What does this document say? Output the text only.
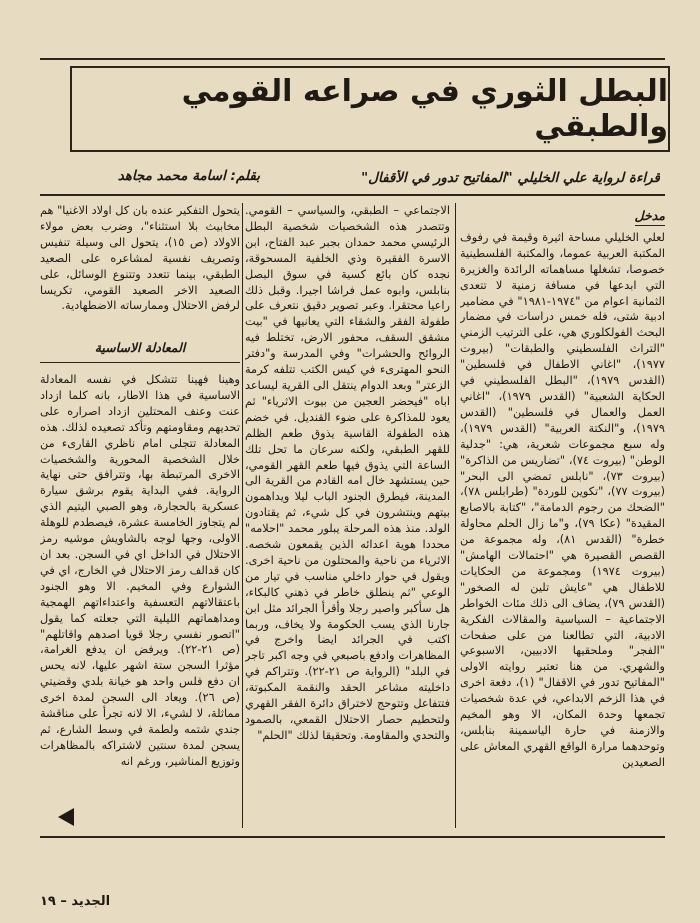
البطل الثوري في صراعه القومي والطبقي
قراءة لرواية علي الخليلي "المفاتيح تدور في الأقفال"
بقلم: اسامة محمد مجاهد
مدخل

لعلي الخليلي مساحة اثيرة وقيمة في رفوف المكتبة العربية عموما، والمكتبة الفلسطينية خصوصا، تشغلها مساهماته الرائدة والغزيرة التي ابدعها في مسافة زمنية لا تتعدى الثمانية اعوام من "١٩٧٤-١٩٨١" في مضامير ادبية شتى، فله خمس دراسات في مضمار البحث الفولكلوري هي، على الترتيب الزمني "التراث الفلسطيني والطبقات" (بيروت ١٩٧٧)، "اغاني الاطفال في فلسطين" (القدس ١٩٧٩)، "البطل الفلسطيني في الحكاية الشعبية" (القدس ١٩٧٩)، "اغاني العمل والعمال في فلسطين" (القدس ١٩٧٩)، و"النكتة العربية" (القدس ١٩٧٩)، وله سبع مجموعات شعرية، هي: "جدلية الوطن" (بيروت ٧٤)، "تضاريس من الذاكرة" (بيروت ٧٣)، "نابلس تمضي الى البحر" (بيروت ٧٧)، "تكوين للوردة" (طرابلس ٧٨)، "الضحك من رجوم الدمامة"، "كتابة بالاصابع المقيدة" (عكا ٧٩)، و"ما زال الحلم محاولة خطرة" (القدس ٨١)، وله مجموعة من القصص القصيرة هي "احتمالات الهامش" (بيروت ١٩٧٤) ومجموعة من الحكايات للاطفال هي "عايش تلين له الصخور" (القدس ٧٩)، يضاف الى ذلك مئات الخواطر الاجتماعية – السياسية والمقالات الفكرية الادبية، التي تطالعنا من على صفحات "الفجر" وملحقيها الادبيين، الاسبوعي والشهري. من هنا تعتبر روايته الاولى "المفاتيح تدور في الاقفال" (١)، دفعة اخرى في هذا الزخم الابداعي، في عدة شخصيات تجمعها وحدة المكان، الا وهو المخيم والازمنة في حارة الياسمينة بنابلس، وتوحدهما مرارة الواقع القهري المعاش على الصعيدين

الاجتماعي – الطبقي، والسياسي – القومي. وتتصدر هذه الشخصيات شخصية البطل الرئيسي محمد حمدان بجبر عبد الفتاح، ابن الاسرة الفقيرة وذي الخلفية المسحوقة، نجده كان بائع كسية في سوق البصل بنابلس، وابوه عمل فراشا اجيرا. وقبل ذلك راعيا محتقرا. وعبر تصوير دقيق نتعرف على طفولة الفقر والشقاء التي يعانيها في "بيت مشقق السقف، محفور الارض، تختلط فيه الروائح والحشرات" وفي المدرسة و"دفتر النحو المهترىء في كيس الكتب تتلفه كرمة الزعتر" وبعد الدوام ينتقل الى القرية ليساعد اباه "فيحضر العجين من بيوت الاثرياء" ثم يعود للمذاكرة على ضوء القنديل. في خضم هذه الطفولة القاسية يذوق طعم الظلم للقهر الطبقي، ولكنه سرعان ما تحل تلك الساعة التي يذوق فيها طعم القهر القومي، حين يستشهد خال امه القادم من القرية الى المدينة، فيطرق الجنود الباب ليلا ويداهمون بيتهم وينتشرون في كل شيء، ثم يقتادون الولد. منذ هذه المرحلة يبلور محمد "احلامه" محددا هوية اعدائه الذين يقمعون شخصه. الاثرياء من ناحية والمحتلون من ناحية اخرى. ويقول في حوار داخلي مناسب في تيار من الوعي "ثم ينطلق خاطر في ذهني كالبكاء، هل سأكبر واصير رجلا وأقرأ الجرائد مثل ابن جارنا الذي يسب الحكومة ولا يخاف، وربما اكتب في الجرائد ايضا واخرج في المظاهرات وادفع باصبعي في وجه اكبر تاجر في البلد" (الرواية ص ٢١-٢٢). وتتراكم في داخليته مشاعر الحقد والنقمة المكبوتة، فتتفاعل وتتوحج لاختراق دائرة الفقر القهري ولتحطيم حصار الاحتلال القمعي، بالصمود والتحدي والمقاومة. وتحقيقا لذلك "الحلم"

يتحول التفكير عنده بان كل اولاد الاغنيا" هم مخابيث بلا استثناء"، وضرب بعض مولاء الاولاد (ص ١٥)، يتحول الى وسيلة تنفيس وتصريف نفسية لمشاعره على الصعيد الطبقي، بينما تتعدد وتتنوع الوسائل، على الصعيد الاخر الصعيد القومي، تكريسا لرفض الاحتلال وممارساته الاضطهادية.

المعادلة الاساسية

وهينا فهينا تتشكل في نفسه المعادلة الاساسية في هذا الاطار، بانه كلما ازداد عنت وعنف المحتلين ازداد اصراره على تحديهم ومقاومتهم وتأكد تصعيده لذلك. هذه المعادلة تتجلى امام ناظري القارىء من خلال الشخصية المحورية والشخصيات الاخرى المرتبطة بها، وتترافق حتى نهاية الرواية. ففي البداية يقوم برشق سيارة عسكرية بالحجارة، وهو الصبي اليتيم الذي لم يتجاوز الخامسة عشرة، فيصطدم للوهلة الاولى، وجها لوجه بالشاويش موشيه رمز الاحتلال في الداخل اي في السجن. بعد ان كان قدالف رمز الاحتلال في الخارج، اي في الشوارع وفي المخيم. الا وهو الجنود باعتقالاتهم التعسفية واعتداءاتهم الهمجية ومداهماتهم الليلية التي جعلته كما يقول "اتصور نفسي رجلا قويا اصدهم واقاتلهم" (ص ٢١-٢٢). ويرفض ان يدفع الغرامة، مؤثرا السجن ستة اشهر عليها، لانه يحس ان دفع فلس واحد هو خيانة بلدي وقضيتي (ص ٢٦). ويعاد الى السجن لمدة اخرى مماثلة، لا لشيء، الا لانه تجرأ على مناقشة جندي شتمه ولطمة في وسط الشارع، ثم يسجن لمدة سنتين لاشتراكه بالمظاهرات وتوزيع المناشير، ورغم انه

الجديد – ١٩
